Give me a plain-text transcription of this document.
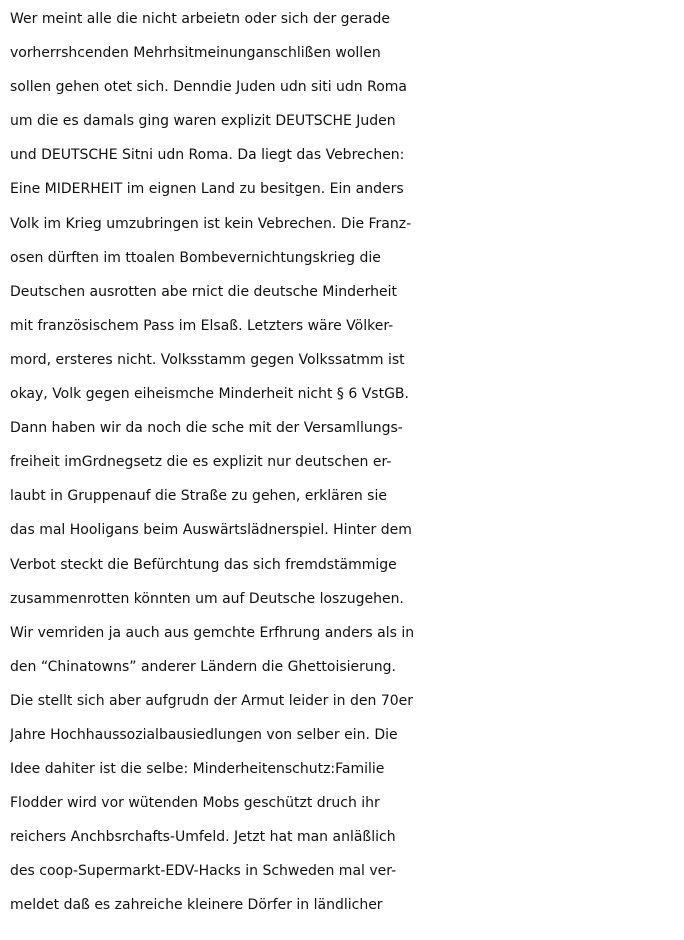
Wer meint alle die nicht arbeietn oder sich der gerade
vorherrshcenden Mehrhsitmeinunganschlißen wollen
sollen gehen otet sich. Denndie Juden udn siti udn Roma
um die es damals ging waren explizit DEUTSCHE Juden
und DEUTSCHE Sitni udn Roma. Da liegt das Vebrechen:
Eine MIDERHEIT im eignen Land zu besitgen. Ein anders
Volk im Krieg umzubringen ist kein Vebrechen. Die Franz-
osen dürften im ttoalen Bombevernichtungskrieg die
Deutschen ausrotten abe rnict die deutsche Minderheit
mit französischem Pass im Elsaß. Letzters wäre Völker-
mord, ersteres nicht. Volksstamm gegen Volkssatmm ist
okay, Volk gegen eiheismche Minderheit nicht § 6 VstGB.
Dann haben wir da noch die sche mit der Versamllungs-
freiheit imGrdnegsetz die es explizit nur deutschen er-
laubt in Gruppenauf die Straße zu gehen, erklären sie
das mal Hooligans beim Auswärtslädnerspiel. Hinter dem
Verbot steckt die Befürchtung das sich fremdstämmige
zusammenrotten könnten um auf Deutsche loszugehen.
Wir vemriden ja auch aus gemchte Erfhrung anders als in
den “Chinatowns” anderer Ländern die Ghettoisierung.
Die stellt sich aber aufgrudn der Armut leider in den 70er
Jahre Hochhaussozialbausiedlungen von selber ein. Die
Idee dahiter ist die selbe: Minderheitenschutz:Familie
Flodder wird vor wütenden Mobs geschützt druch ihr
reichers Anchbsrchafts-Umfeld. Jetzt hat man anläßlich
des coop-Supermarkt-EDV-Hacks in Schweden mal ver-
meldet daß es zahreiche kleinere Dörfer in ländlicher
